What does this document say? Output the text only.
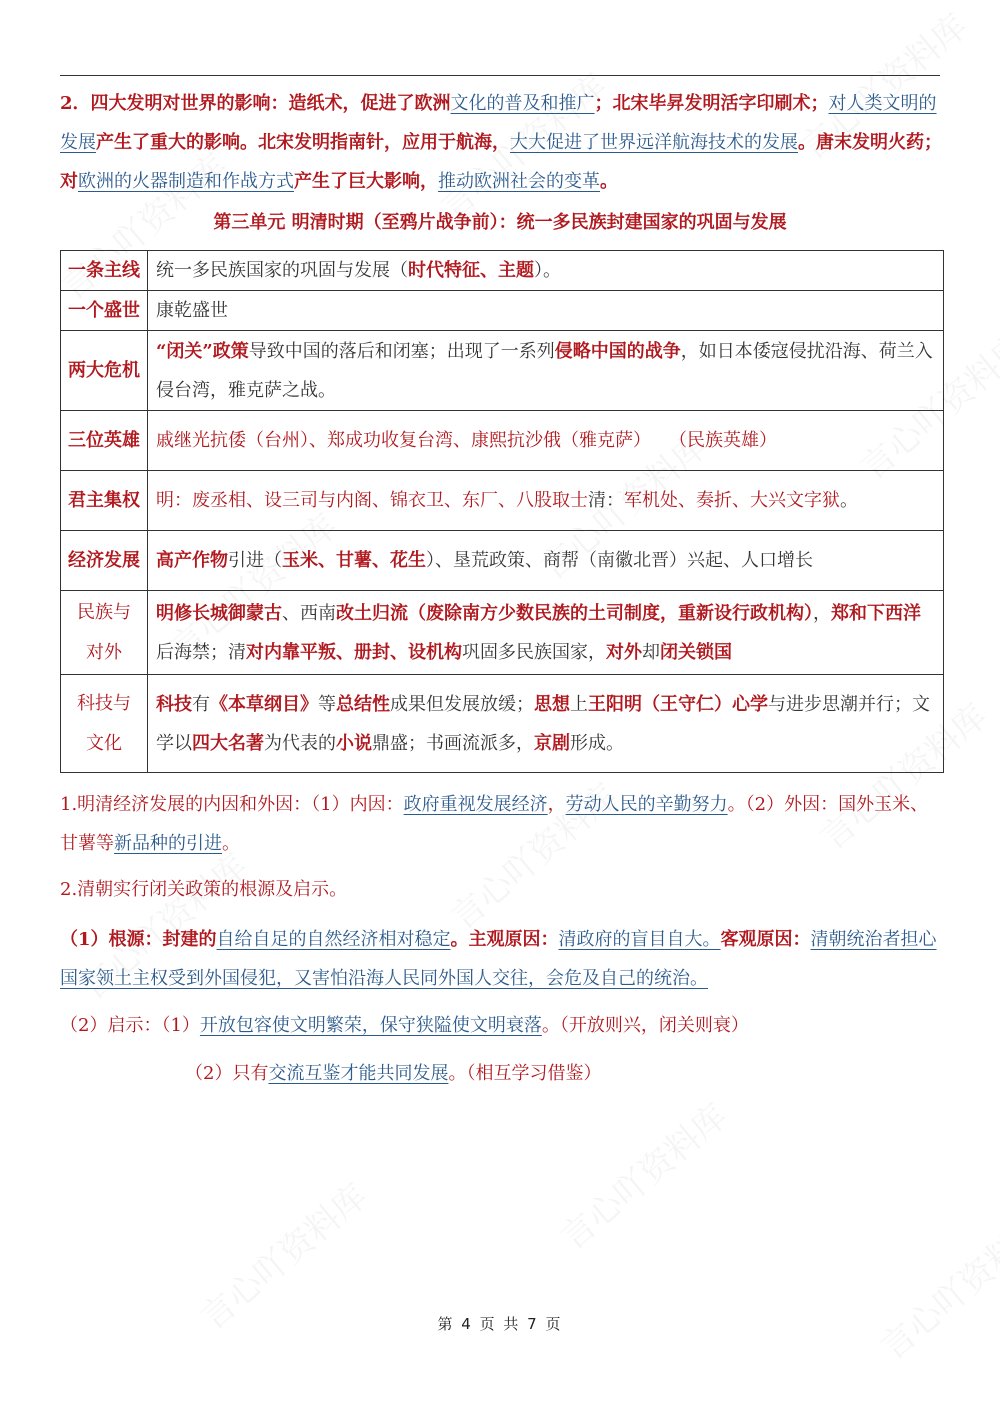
2．四大发明对世界的影响：造纸术，促进了欧洲文化的普及和推广；北宋毕昇发明活字印刷术；对人类文明的发展产生了重大的影响。北宋发明指南针，应用于航海，大大促进了世界远洋航海技术的发展。唐末发明火药；对欧洲的火器制造和作战方式产生了巨大影响，推动欧洲社会的变革。
第三单元 明清时期（至鸦片战争前）：统一多民族封建国家的巩固与发展
一条主线	统一多民族国家的巩固与发展（时代特征、主题）。
一个盛世	康乾盛世
两大危机	“闭关”政策导致中国的落后和闭塞；出现了一系列侵略中国的战争，如日本倭寇侵扰沿海、荷兰入侵台湾，雅克萨之战。
三位英雄	戚继光抗倭（台州）、郑成功收复台湾、康熙抗沙俄（雅克萨）　　（民族英雄）
君主集权	明：废丞相、设三司与内阁、锦衣卫、东厂、八股取士清：军机处、奏折、大兴文字狱。
经济发展	高产作物引进（玉米、甘薯、花生）、垦荒政策、商帮（南徽北晋）兴起、人口增长
民族与
对外	明修长城御蒙古、西南改土归流（废除南方少数民族的土司制度，重新设行政机构），郑和下西洋后海禁；清对内靠平叛、册封、设机构巩固多民族国家，对外却闭关锁国
科技与
文化	科技有《本草纲目》等总结性成果但发展放缓；思想上王阳明（王守仁）心学与进步思潮并行；文学以四大名著为代表的小说鼎盛；书画流派多，京剧形成。
1.明清经济发展的内因和外因：（1）内因：政府重视发展经济，劳动人民的辛勤努力。（2）外因：国外玉米、甘薯等新品种的引进。
2.清朝实行闭关政策的根源及启示。
（1）根源：封建的自给自足的自然经济相对稳定。主观原因：清政府的盲目自大。客观原因：清朝统治者担心国家领土主权受到外国侵犯，又害怕沿海人民同外国人交往，会危及自己的统治。
（2）启示：（1）开放包容使文明繁荣，保守狭隘使文明衰落。（开放则兴，闭关则衰）
（2）只有交流互鉴才能共同发展。（相互学习借鉴）
第 4 页 共 7 页
